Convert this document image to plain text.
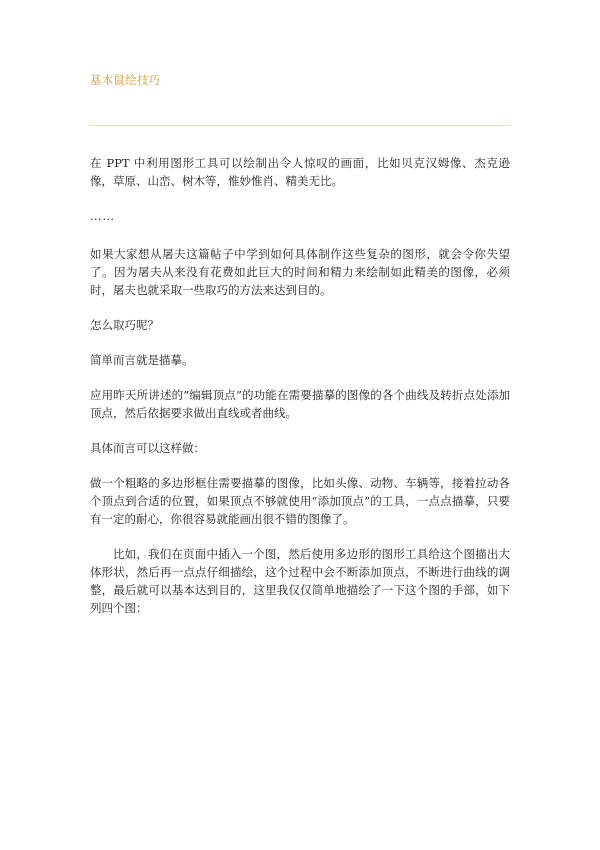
基本鼠绘技巧

在 PPT 中利用图形工具可以绘制出令人惊叹的画面，比如贝克汉姆像、杰克逊像，草原、山峦、树木等，惟妙惟肖、精美无比。

……

如果大家想从屠夫这篇帖子中学到如何具体制作这些复杂的图形，就会令你失望了。因为屠夫从来没有花费如此巨大的时间和精力来绘制如此精美的图像，必须时，屠夫也就采取一些取巧的方法来达到目的。

怎么取巧呢？

简单而言就是描摹。

应用昨天所讲述的“编辑顶点”的功能在需要描摹的图像的各个曲线及转折点处添加顶点，然后依据要求做出直线或者曲线。

具体而言可以这样做：

做一个粗略的多边形框住需要描摹的图像，比如头像、动物、车辆等，接着拉动各个顶点到合适的位置，如果顶点不够就使用“添加顶点”的工具，一点点描摹，只要有一定的耐心，你很容易就能画出很不错的图像了。

比如，我们在页面中插入一个图，然后使用多边形的图形工具给这个图描出大体形状，然后再一点点仔细描绘，这个过程中会不断添加顶点，不断进行曲线的调整，最后就可以基本达到目的，这里我仅仅简单地描绘了一下这个图的手部，如下列四个图：
